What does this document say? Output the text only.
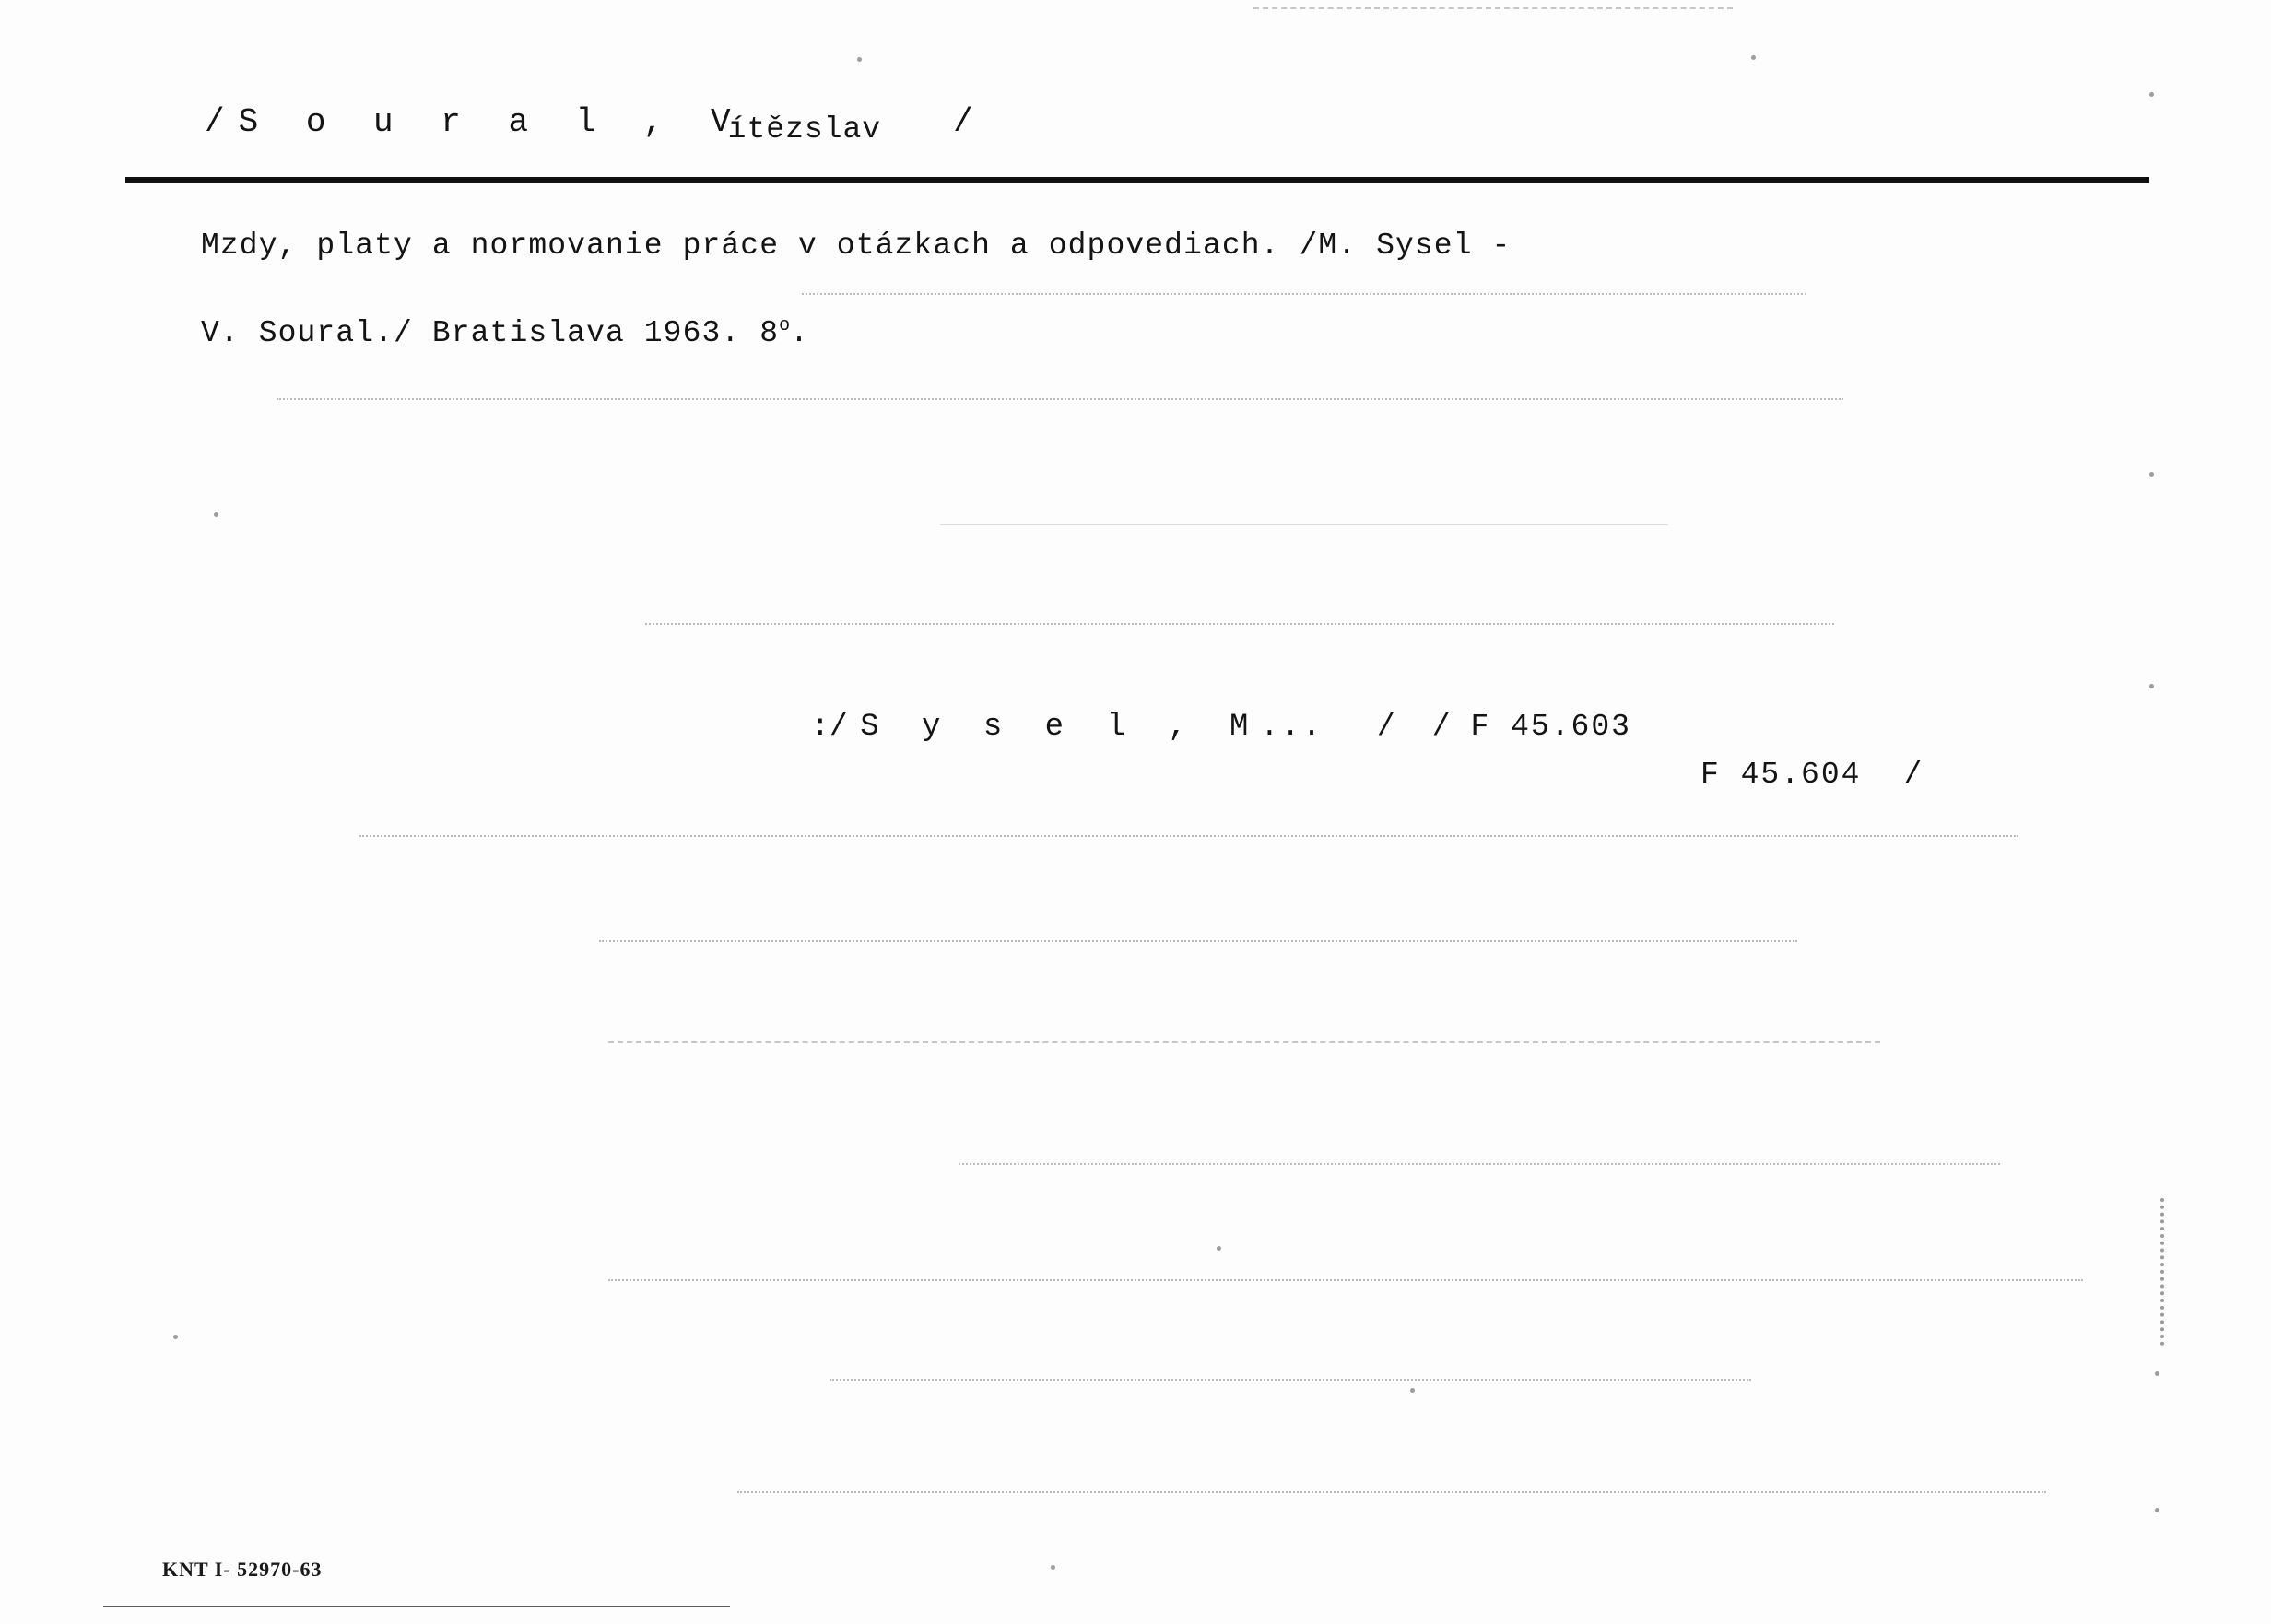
/S o u r a l , Vítězslav /
Mzdy, platy a normovanie práce v otázkach a odpovediach. /M. Sysel -
V. Soural./ Bratislava 1963. 8$^o$.
:/S y s e l , M... / / F 45.603
F 45.604 /
KNT I- 52970-63
